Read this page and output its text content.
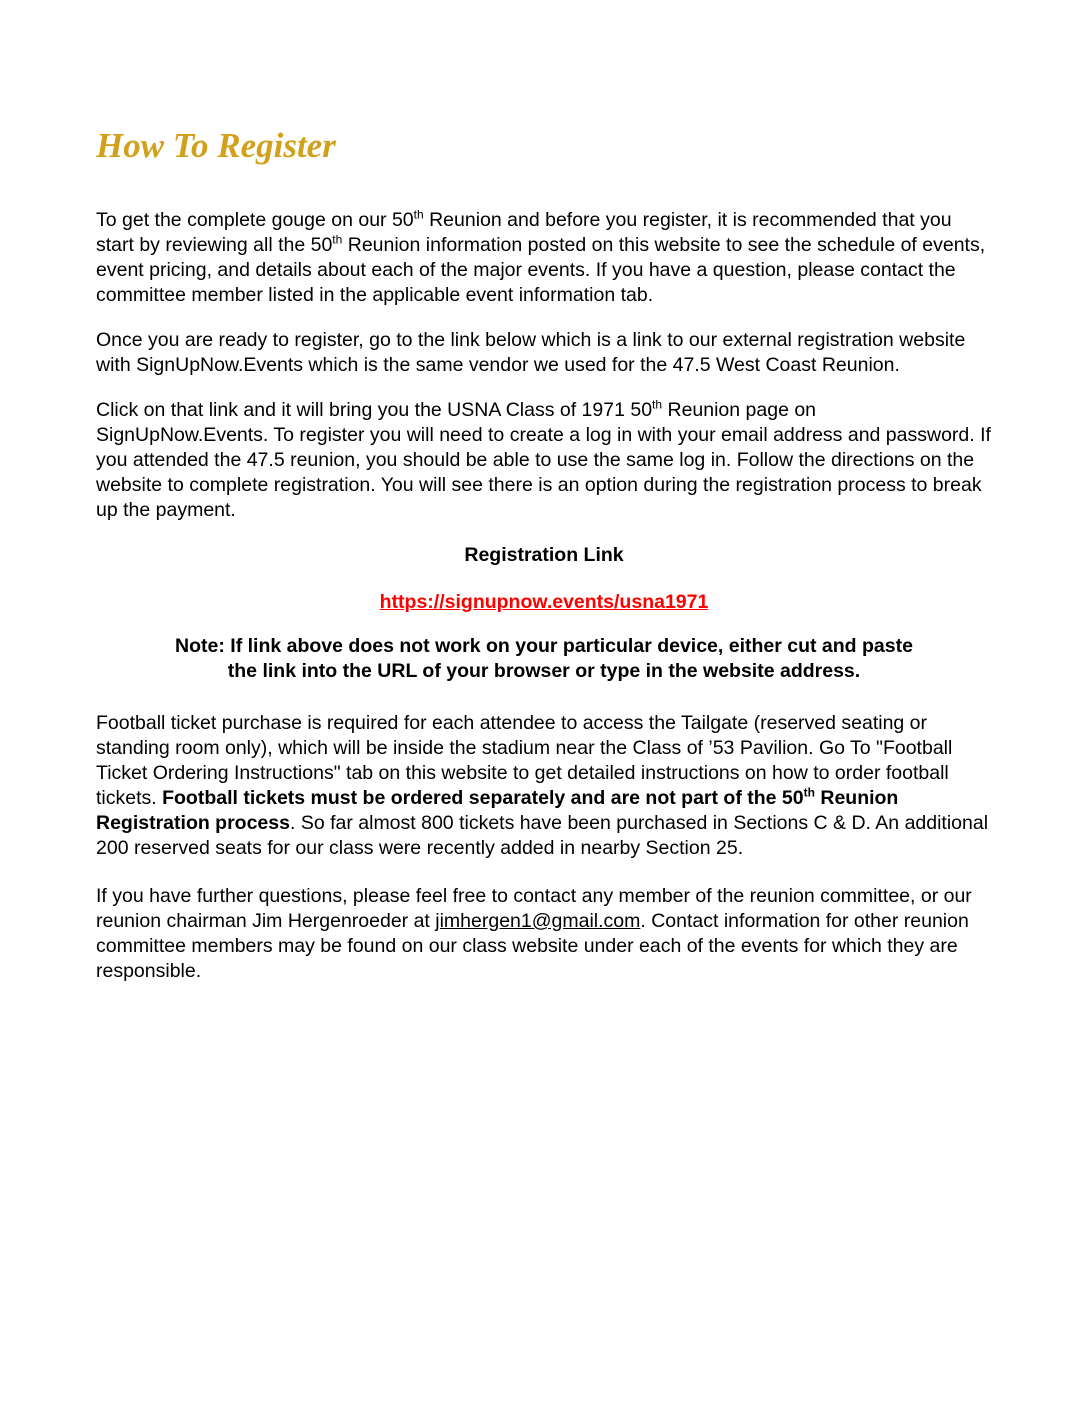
How To Register

To get the complete gouge on our 50th Reunion and before you register, it is recommended that you start by reviewing all the 50th Reunion information posted on this website to see the schedule of events, event pricing, and details about each of the major events. If you have a question, please contact the committee member listed in the applicable event information tab.

Once you are ready to register, go to the link below which is a link to our external registration website with SignUpNow.Events which is the same vendor we used for the 47.5 West Coast Reunion.

Click on that link and it will bring you the USNA Class of 1971 50th Reunion page on SignUpNow.Events. To register you will need to create a log in with your email address and password. If you attended the 47.5 reunion, you should be able to use the same log in. Follow the directions on the website to complete registration. You will see there is an option during the registration process to break up the payment.

Registration Link

https://signupnow.events/usna1971

Note: If link above does not work on your particular device, either cut and paste
the link into the URL of your browser or type in the website address.

Football ticket purchase is required for each attendee to access the Tailgate (reserved seating or standing room only), which will be inside the stadium near the Class of ’53 Pavilion. Go To "Football Ticket Ordering Instructions" tab on this website to get detailed instructions on how to order football tickets. Football tickets must be ordered separately and are not part of the 50th Reunion Registration process. So far almost 800 tickets have been purchased in Sections C & D. An additional 200 reserved seats for our class were recently added in nearby Section 25.

If you have further questions, please feel free to contact any member of the reunion committee, or our reunion chairman Jim Hergenroeder at jimhergen1@gmail.com. Contact information for other reunion committee members may be found on our class website under each of the events for which they are responsible.
